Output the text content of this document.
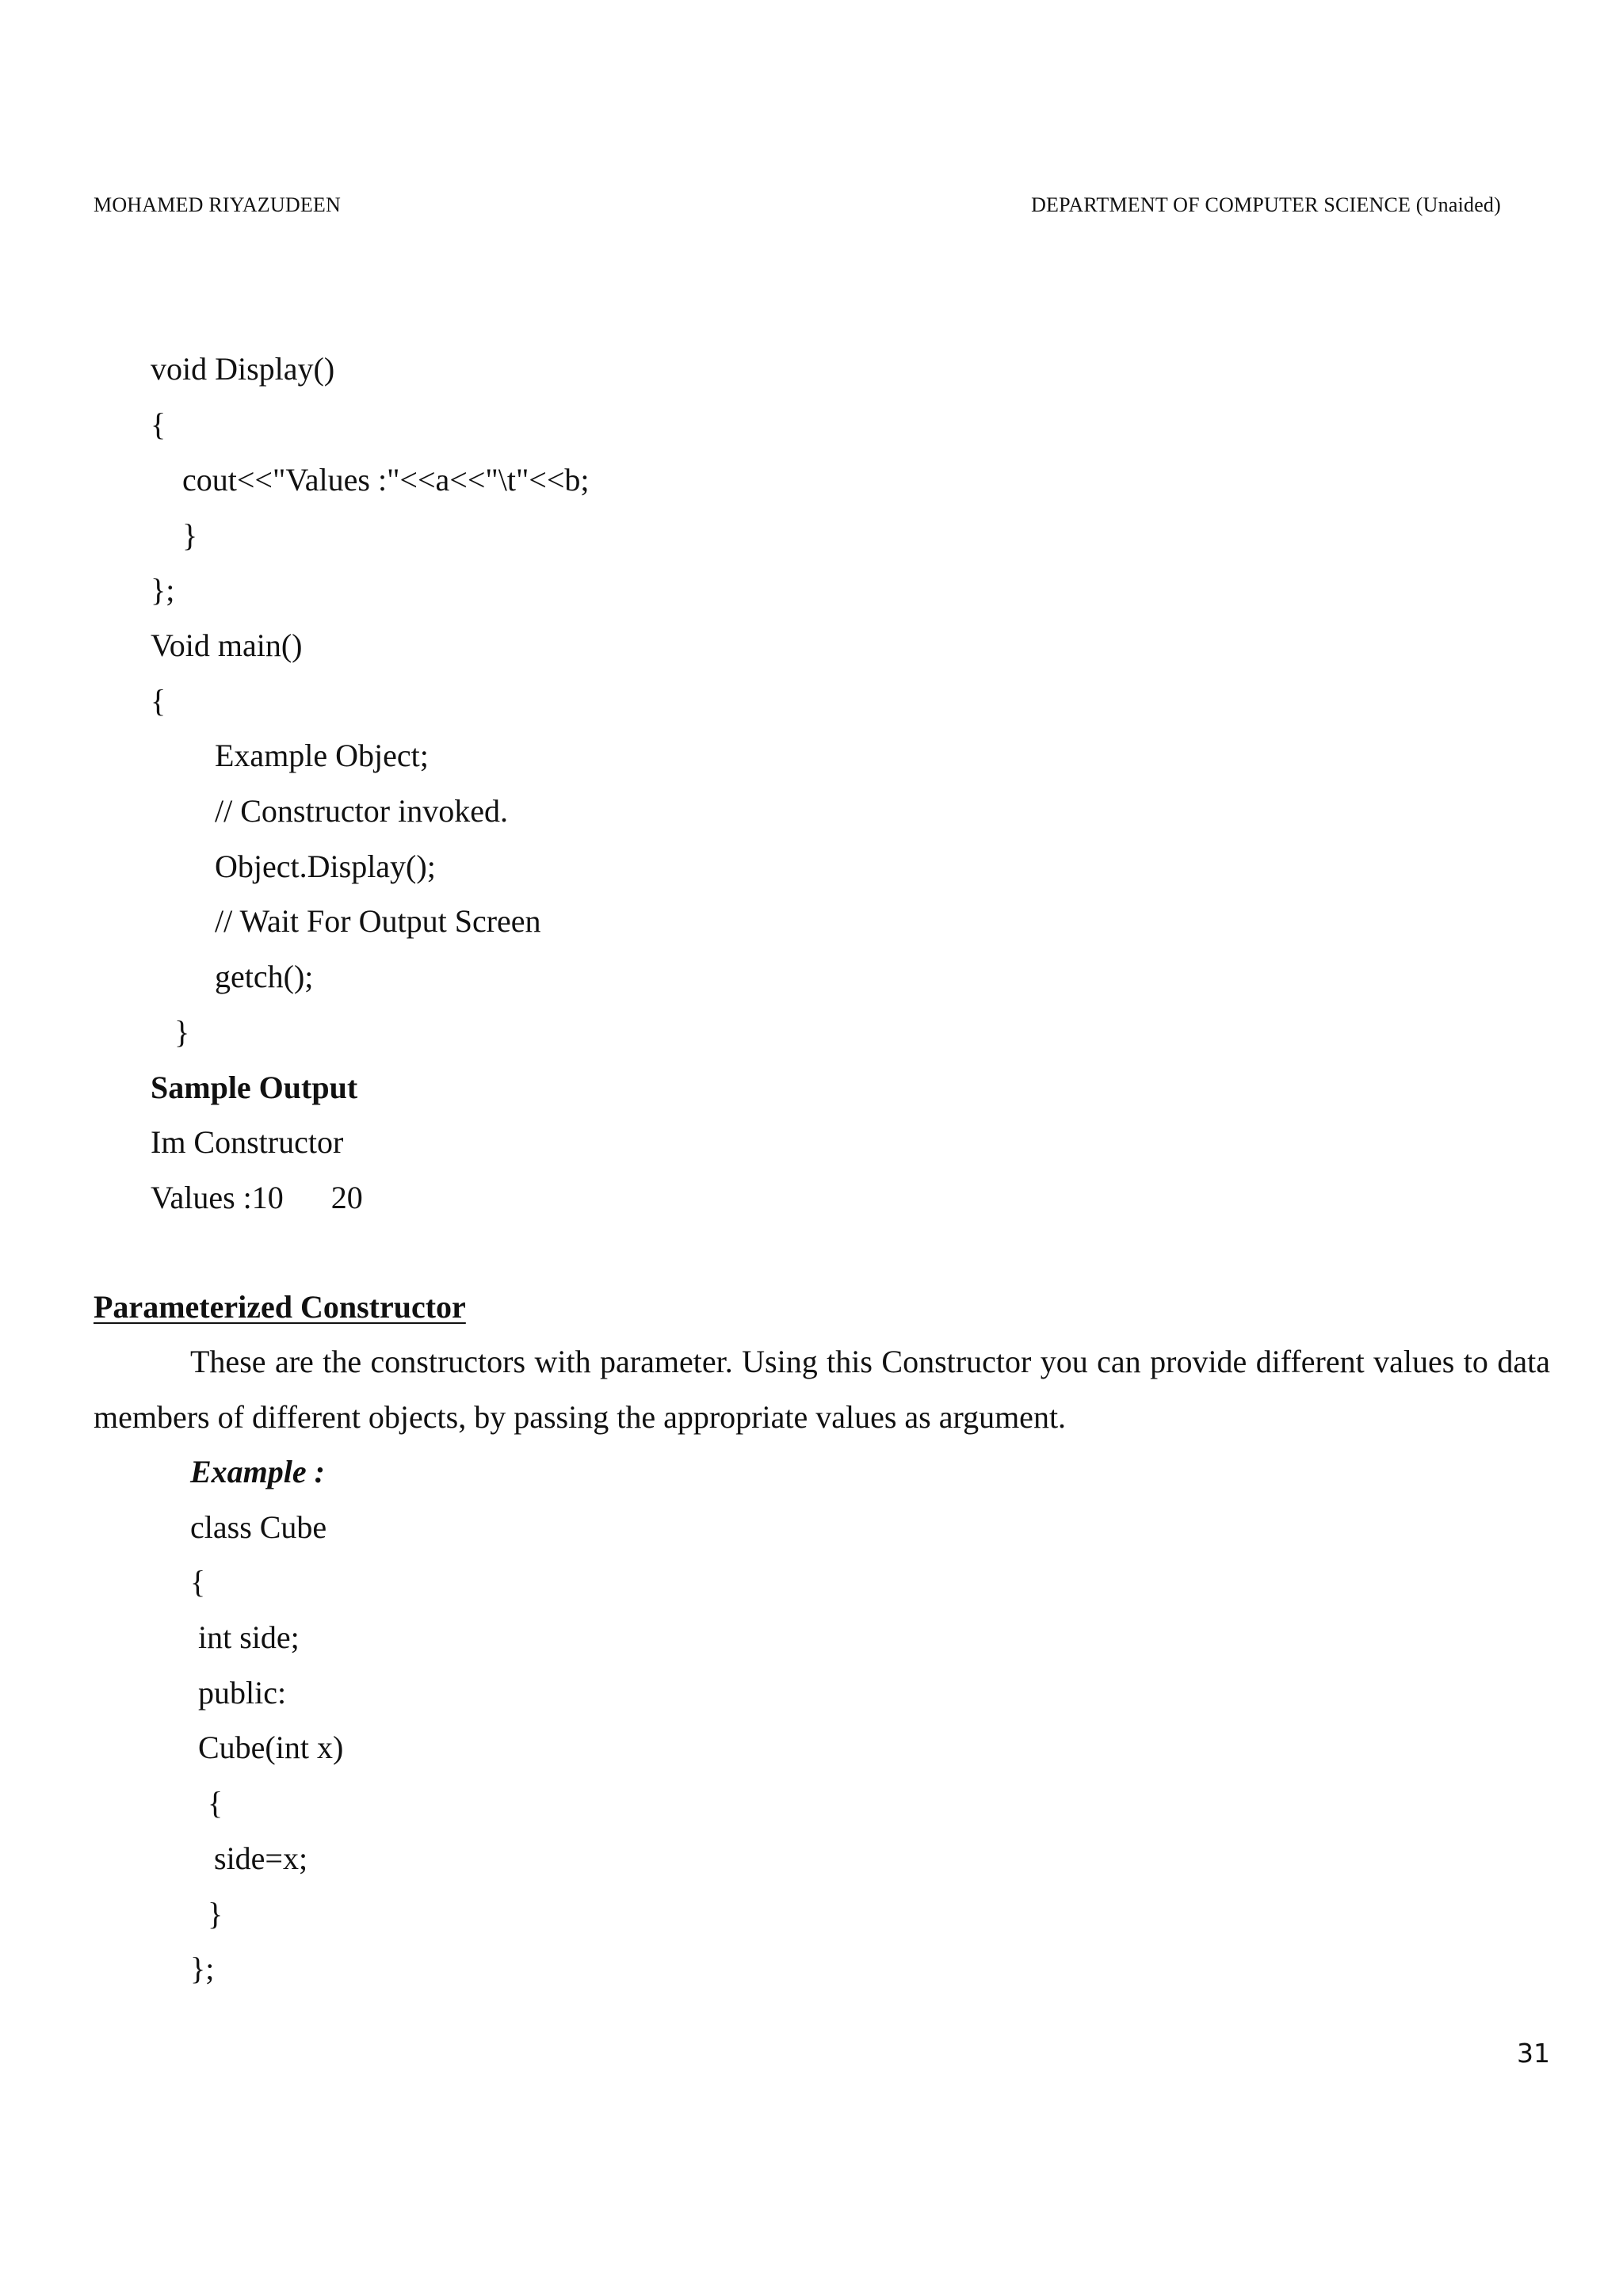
MOHAMED RIYAZUDEEN	DEPARTMENT OF COMPUTER SCIENCE (Unaided)
void Display()
{
cout<<"Values :"<<a<<"\t"<<b;
}
};
Void main()
{
Example Object;
// Constructor invoked.
Object.Display();
// Wait For Output Screen
getch();
}
Sample Output
Im Constructor
Values :10      20
Parameterized Constructor
These are the constructors with parameter. Using this Constructor you can provide different values to data members of different objects, by passing the appropriate values as argument.
Example :
class Cube
{
int side;
public:
Cube(int x)
{
side=x;
}
};
31
